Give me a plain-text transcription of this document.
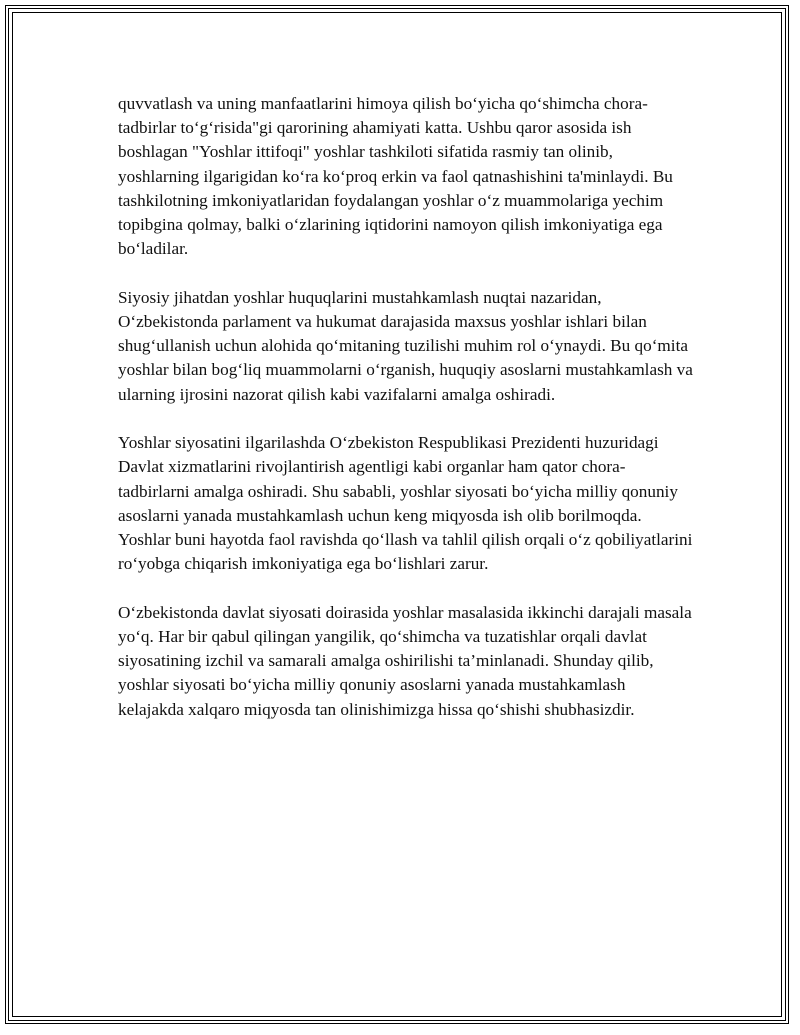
quvvatlash va uning manfaatlarini himoya qilish bo‘yicha qo‘shimcha chora-tadbirlar to‘g‘risida"gi qarorining ahamiyati katta. Ushbu qaror asosida ish boshlagan "Yoshlar ittifoqi" yoshlar tashkiloti sifatida rasmiy tan olinib, yoshlarning ilgarigidan ko‘ra ko‘proq erkin va faol qatnashishini ta'minlaydi. Bu tashkilotning imkoniyatlaridan foydalangan yoshlar o‘z muammolariga yechim topibgina qolmay, balki o‘zlarining iqtidorini namoyon qilish imkoniyatiga ega bo‘ladilar.

Siyosiy jihatdan yoshlar huquqlarini mustahkamlash nuqtai nazaridan, O‘zbekistonda parlament va hukumat darajasida maxsus yoshlar ishlari bilan shug‘ullanish uchun alohida qo‘mitaning tuzilishi muhim rol o‘ynaydi. Bu qo‘mita yoshlar bilan bog‘liq muammolarni o‘rganish, huquqiy asoslarni mustahkamlash va ularning ijrosini nazorat qilish kabi vazifalarni amalga oshiradi.

Yoshlar siyosatini ilgarilashda O‘zbekiston Respublikasi Prezidenti huzuridagi Davlat xizmatlarini rivojlantirish agentligi kabi organlar ham qator chora-tadbirlarni amalga oshiradi. Shu sababli, yoshlar siyosati bo‘yicha milliy qonuniy asoslarni yanada mustahkamlash uchun keng miqyosda ish olib borilmoqda. Yoshlar buni hayotda faol ravishda qo‘llash va tahlil qilish orqali o‘z qobiliyatlarini ro‘yobga chiqarish imkoniyatiga ega bo‘lishlari zarur.

O‘zbekistonda davlat siyosati doirasida yoshlar masalasida ikkinchi darajali masala yo‘q. Har bir qabul qilingan yangilik, qo‘shimcha va tuzatishlar orqali davlat siyosatining izchil va samarali amalga oshirilishi ta’minlanadi. Shunday qilib, yoshlar siyosati bo‘yicha milliy qonuniy asoslarni yanada mustahkamlash kelajakda xalqaro miqyosda tan olinishimizga hissa qo‘shishi shubhasizdir.
